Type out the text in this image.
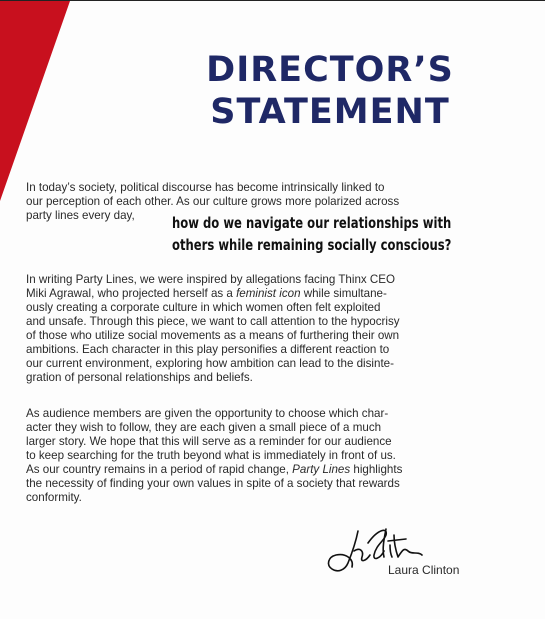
DIRECTOR’S
STATEMENT

In today’s society, political discourse has become intrinsically linked to
our perception of each other. As our culture grows more polarized across
party lines every day,	how do we navigate our relationships with
others while remaining socially conscious?

In writing Party Lines, we were inspired by allegations facing Thinx CEO
Miki Agrawal, who projected herself as a feminist icon while simultane-
ously creating a corporate culture in which women often felt exploited
and unsafe. Through this piece, we want to call attention to the hypocrisy
of those who utilize social movements as a means of furthering their own
ambitions. Each character in this play personifies a different reaction to
our current environment, exploring how ambition can lead to the disinte-
gration of personal relationships and beliefs.

As audience members are given the opportunity to choose which char-
acter they wish to follow, they are each given a small piece of a much
larger story. We hope that this will serve as a reminder for our audience
to keep searching for the truth beyond what is immediately in front of us.
As our country remains in a period of rapid change, Party Lines highlights
the necessity of finding your own values in spite of a society that rewards
conformity.

Laura Clinton
